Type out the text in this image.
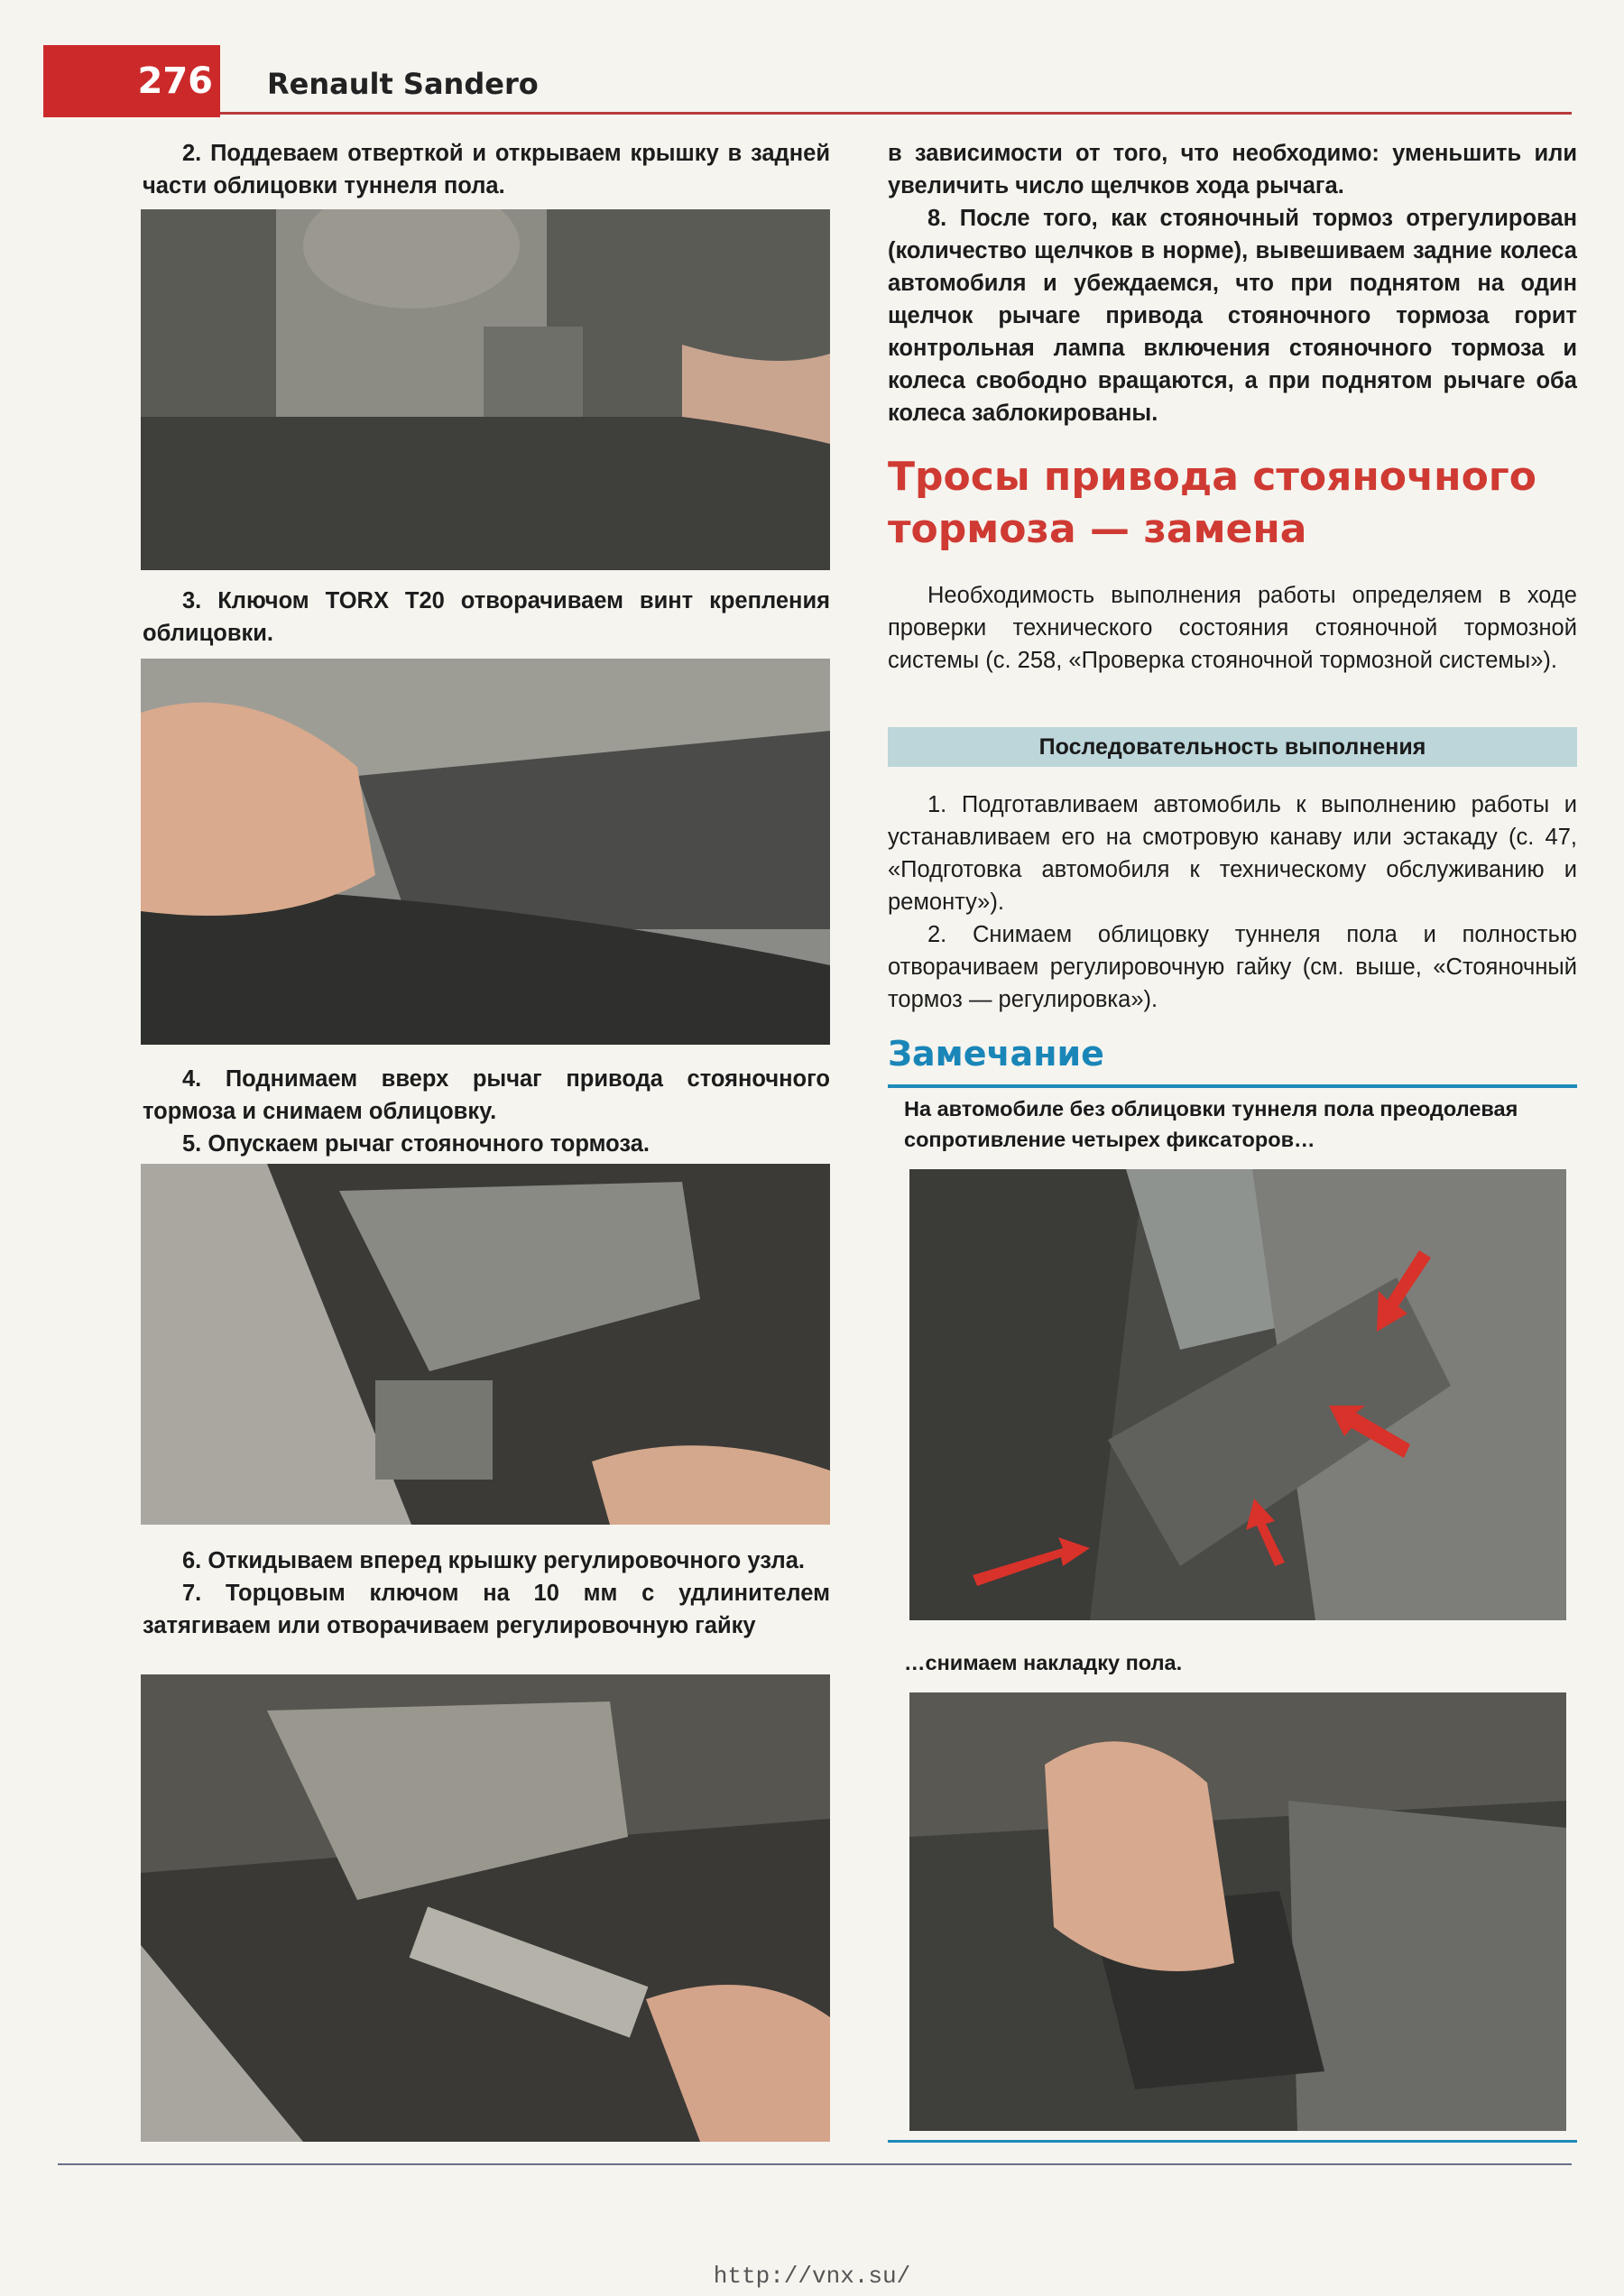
276 Renault Sandero

2. Поддеваем отверткой и открываем крышку в задней части облицовки туннеля пола.

3. Ключом TORX T20 отворачиваем винт крепления облицовки.

4. Поднимаем вверх рычаг привода стояночного тормоза и снимаем облицовку.

5. Опускаем рычаг стояночного тормоза.

6. Откидываем вперед крышку регулировочного узла.

7. Торцовым ключом на 10 мм с удлинителем затягиваем или отворачиваем регулировочную гайку

в зависимости от того, что необходимо: уменьшить или увеличить число щелчков хода рычага.

8. После того, как стояночный тормоз отрегулирован (количество щелчков в норме), вывешиваем задние колеса автомобиля и убеждаемся, что при поднятом на один щелчок рычаге привода стояночного тормоза горит контрольная лампа включения стояночного тормоза и колеса свободно вращаются, а при поднятом рычаге оба колеса заблокированы.

Тросы привода стояночного
тормоза — замена

Необходимость выполнения работы определяем в ходе проверки технического состояния стояночной тормозной системы (с. 258, «Проверка стояночной тормозной системы»).

Последовательность выполнения

1. Подготавливаем автомобиль к выполнению работы и устанавливаем его на смотровую канаву или эстакаду (с. 47, «Подготовка автомобиля к техническому обслуживанию и ремонту»).

2. Снимаем облицовку туннеля пола и полностью отворачиваем регулировочную гайку (см. выше, «Стояночный тормоз — регулировка»).

Замечание
На автомобиле без облицовки туннеля пола преодолевая сопротивление четырех фиксаторов…
…снимаем накладку пола.
http://vnx.su/
